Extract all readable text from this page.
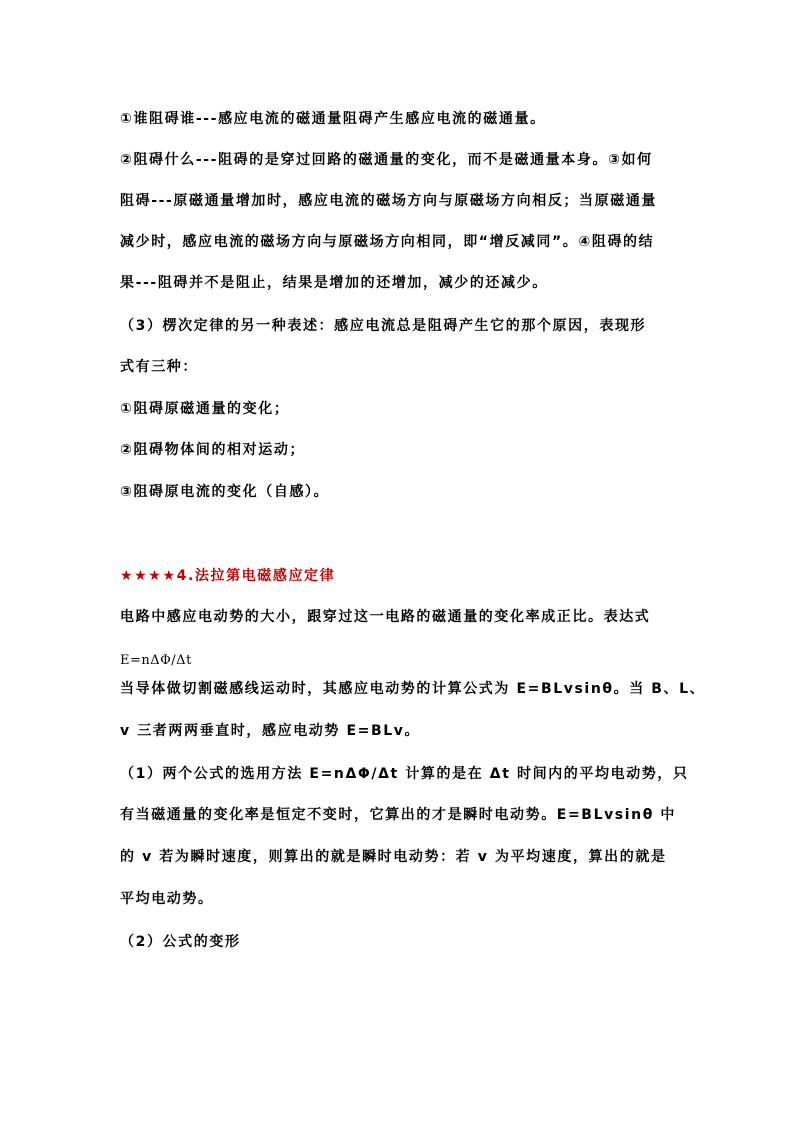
①谁阻碍谁---感应电流的磁通量阻碍产生感应电流的磁通量。
②阻碍什么---阻碍的是穿过回路的磁通量的变化，而不是磁通量本身。③如何
阻碍---原磁通量增加时，感应电流的磁场方向与原磁场方向相反；当原磁通量
减少时，感应电流的磁场方向与原磁场方向相同，即“增反减同”。④阻碍的结
果---阻碍并不是阻止，结果是增加的还增加，减少的还减少。
（3）楞次定律的另一种表述：感应电流总是阻碍产生它的那个原因，表现形
式有三种：
①阻碍原磁通量的变化；
②阻碍物体间的相对运动；
③阻碍原电流的变化（自感）。
★★★★4.法拉第电磁感应定律
电路中感应电动势的大小，跟穿过这一电路的磁通量的变化率成正比。表达式
E=nΔΦ/Δt
当导体做切割磁感线运动时，其感应电动势的计算公式为 E=BLvsinθ。当 B、L、
v 三者两两垂直时，感应电动势 E=BLv。
（1）两个公式的选用方法 E=nΔΦ/Δt 计算的是在 Δt 时间内的平均电动势，只
有当磁通量的变化率是恒定不变时，它算出的才是瞬时电动势。E=BLvsinθ 中
的 v 若为瞬时速度，则算出的就是瞬时电动势：若 v 为平均速度，算出的就是
平均电动势。
（2）公式的变形
